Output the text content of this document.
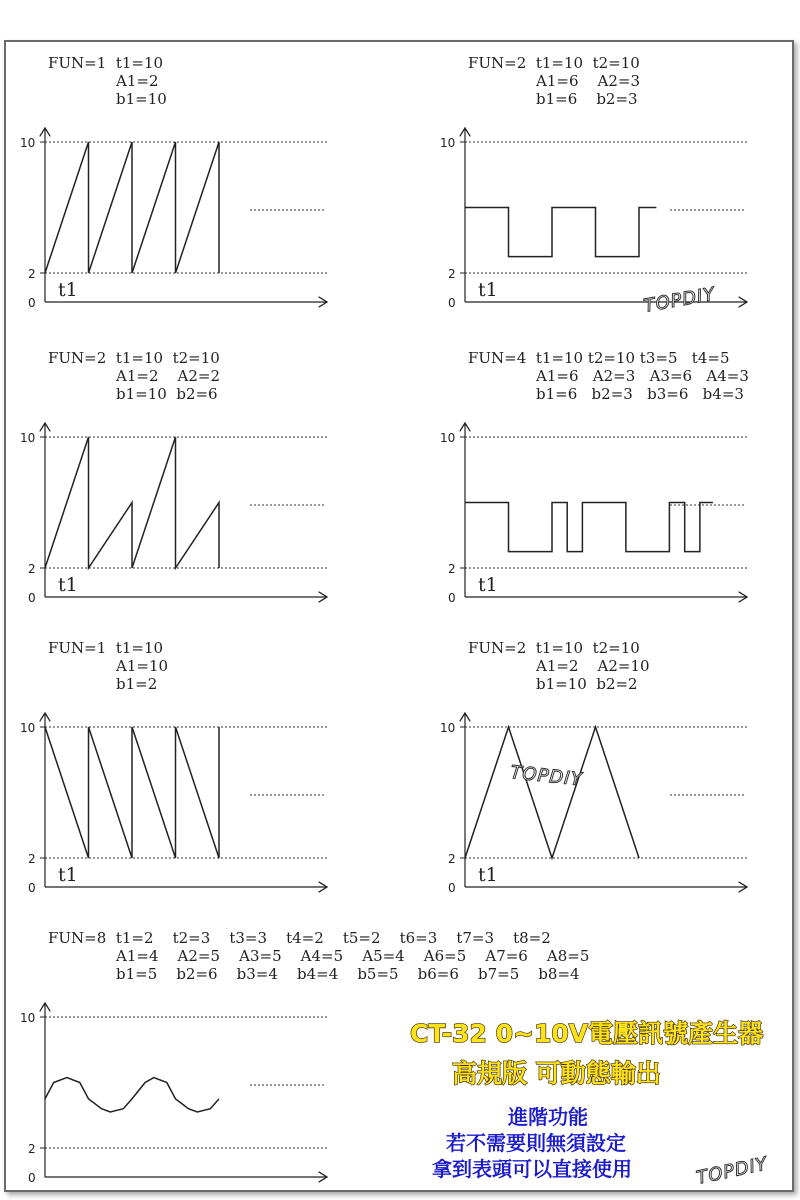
FUN=1  t1=10
A1=2
b1=10
10
2
0
t1
FUN=2  t1=10  t2=10
A1=6    A2=3
b1=6    b2=3
10
2
0
t1
FUN=2  t1=10  t2=10
A1=2    A2=2
b1=10  b2=6
10
2
0
t1
FUN=4  t1=10 t2=10 t3=5   t4=5
A1=6   A2=3   A3=6   A4=3
b1=6   b2=3   b3=6   b4=3
10
2
0
t1
FUN=1  t1=10
A1=10
b1=2
10
2
0
t1
FUN=2  t1=10  t2=10
A1=2    A2=10
b1=10  b2=2
10
2
0
t1
FUN=8  t1=2    t2=3    t3=3    t4=2    t5=2    t6=3    t7=3    t8=2
A1=4    A2=5    A3=5    A4=5    A5=4    A6=5    A7=6    A8=5
b1=5    b2=6    b3=4    b4=4    b5=5    b6=6    b7=5    b8=4
10
2
0
TOPDIY
TOPDIY
TOPDIY
CT-32 0~10V電壓訊號產生器
高規版 可動態輸出
進階功能
若不需要則無須設定
拿到表頭可以直接使用
